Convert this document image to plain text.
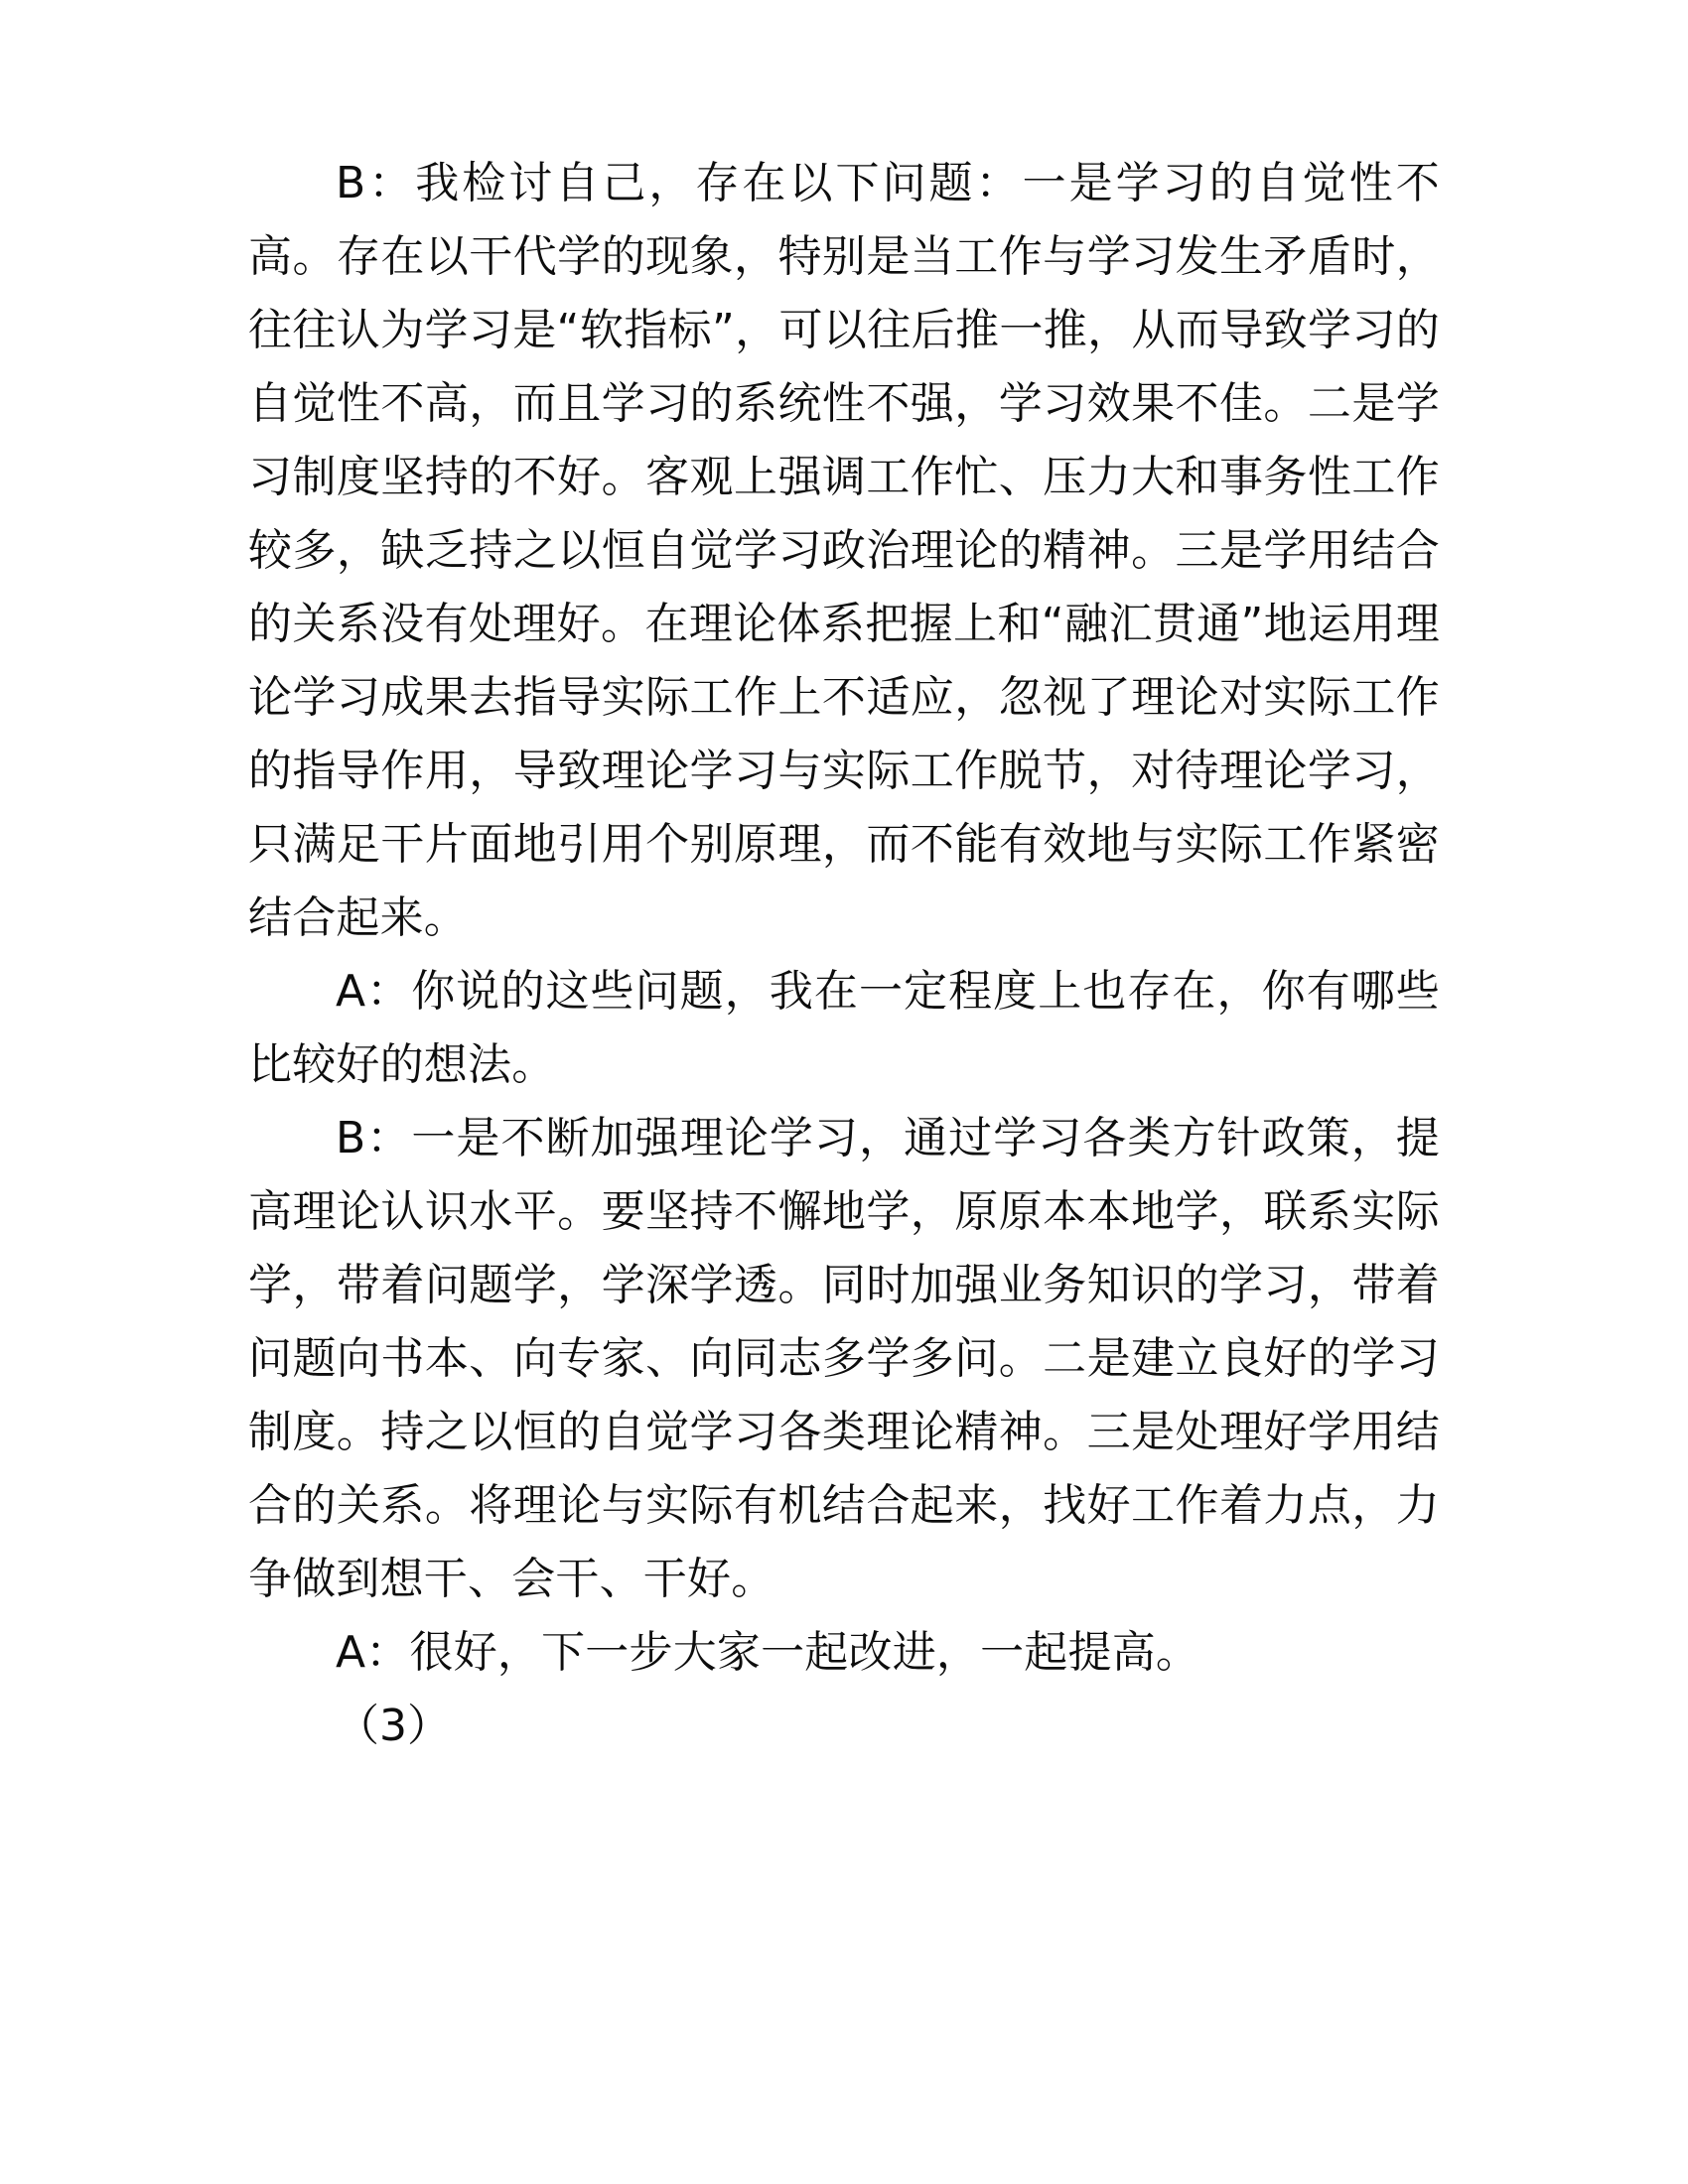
B：我检讨自己，存在以下问题：一是学习的自觉性不高。存在以干代学的现象，特别是当工作与学习发生矛盾时，往往认为学习是“软指标”，可以往后推一推，从而导致学习的自觉性不高，而且学习的系统性不强，学习效果不佳。二是学习制度坚持的不好。客观上强调工作忙、压力大和事务性工作较多，缺乏持之以恒自觉学习政治理论的精神。三是学用结合的关系没有处理好。在理论体系把握上和“融汇贯通”地运用理论学习成果去指导实际工作上不适应，忽视了理论对实际工作的指导作用，导致理论学习与实际工作脱节，对待理论学习，只满足干片面地引用个别原理，而不能有效地与实际工作紧密结合起来。

A：你说的这些问题，我在一定程度上也存在，你有哪些比较好的想法。

B：一是不断加强理论学习，通过学习各类方针政策，提高理论认识水平。要坚持不懈地学，原原本本地学，联系实际学，带着问题学，学深学透。同时加强业务知识的学习，带着问题向书本、向专家、向同志多学多问。二是建立良好的学习制度。持之以恒的自觉学习各类理论精神。三是处理好学用结合的关系。将理论与实际有机结合起来，找好工作着力点，力争做到想干、会干、干好。

A：很好，下一步大家一起改进，一起提高。

（3）
